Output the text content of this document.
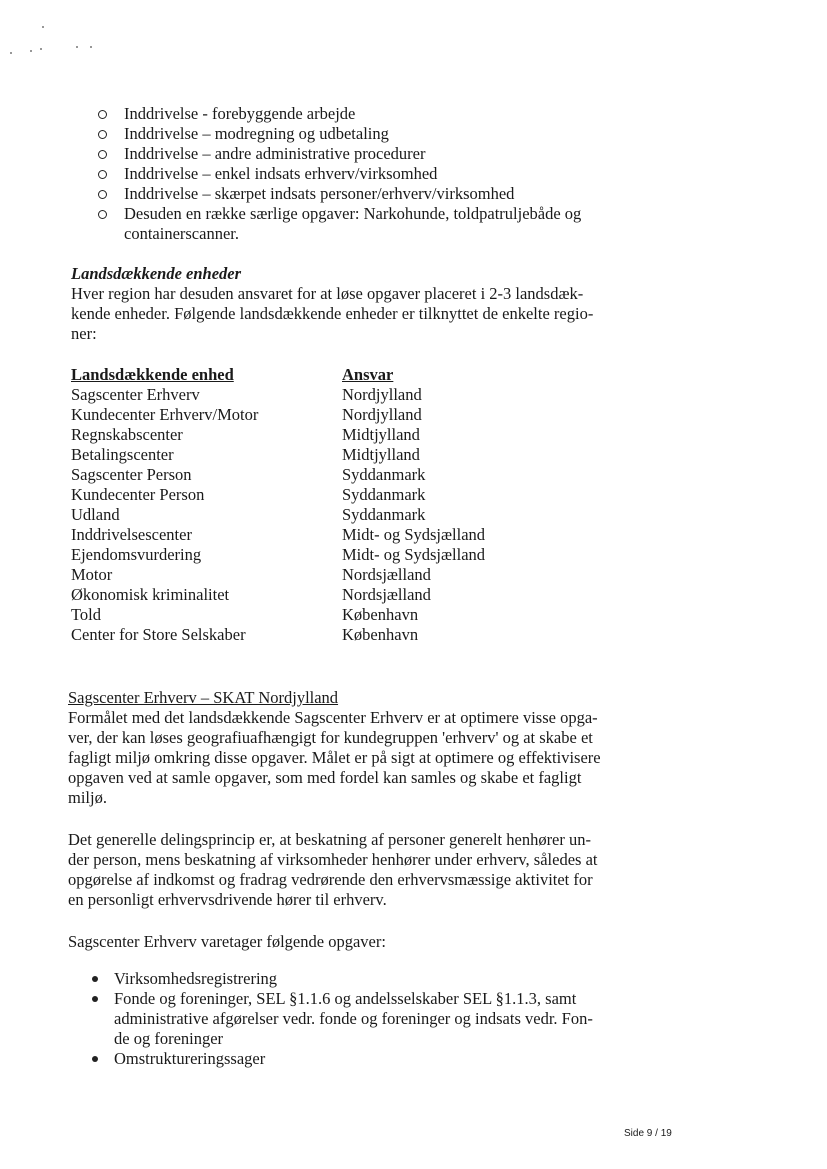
Inddrivelse - forebyggende arbejde
Inddrivelse – modregning og udbetaling
Inddrivelse – andre administrative procedurer
Inddrivelse – enkel indsats erhverv/virksomhed
Inddrivelse – skærpet indsats personer/erhverv/virksomhed
Desuden en række særlige opgaver: Narkohunde, toldpatruljebåde og
containerscanner.
Landsdækkende enheder
Hver region har desuden ansvaret for at løse opgaver placeret i 2-3 landsdæk-
kende enheder. Følgende landsdækkende enheder er tilknyttet de enkelte regio-
ner:
Landsdækkende enhed	Ansvar
Sagscenter Erhverv	Nordjylland
Kundecenter Erhverv/Motor	Nordjylland
Regnskabscenter	Midtjylland
Betalingscenter	Midtjylland
Sagscenter Person	Syddanmark
Kundecenter Person	Syddanmark
Udland	Syddanmark
Inddrivelsescenter	Midt- og Sydsjælland
Ejendomsvurdering	Midt- og Sydsjælland
Motor	Nordsjælland
Økonomisk kriminalitet	Nordsjælland
Told	København
Center for Store Selskaber	København
Sagscenter Erhverv – SKAT Nordjylland
Formålet med det landsdækkende Sagscenter Erhverv er at optimere visse opga-
ver, der kan løses geografiuafhængigt for kundegruppen 'erhverv' og at skabe et
fagligt miljø omkring disse opgaver. Målet er på sigt at optimere og effektivisere
opgaven ved at samle opgaver, som med fordel kan samles og skabe et fagligt
miljø.
Det generelle delingsprincip er, at beskatning af personer generelt henhører un-
der person, mens beskatning af virksomheder henhører under erhverv, således at
opgørelse af indkomst og fradrag vedrørende den erhvervsmæssige aktivitet for
en personligt erhvervsdrivende hører til erhverv.
Sagscenter Erhverv varetager følgende opgaver:
Virksomhedsregistrering
Fonde og foreninger, SEL §1.1.6 og andelsselskaber SEL §1.1.3, samt
administrative afgørelser vedr. fonde og foreninger og indsats vedr. Fon-
de og foreninger
Omstruktureringssager
Side 9 / 19
